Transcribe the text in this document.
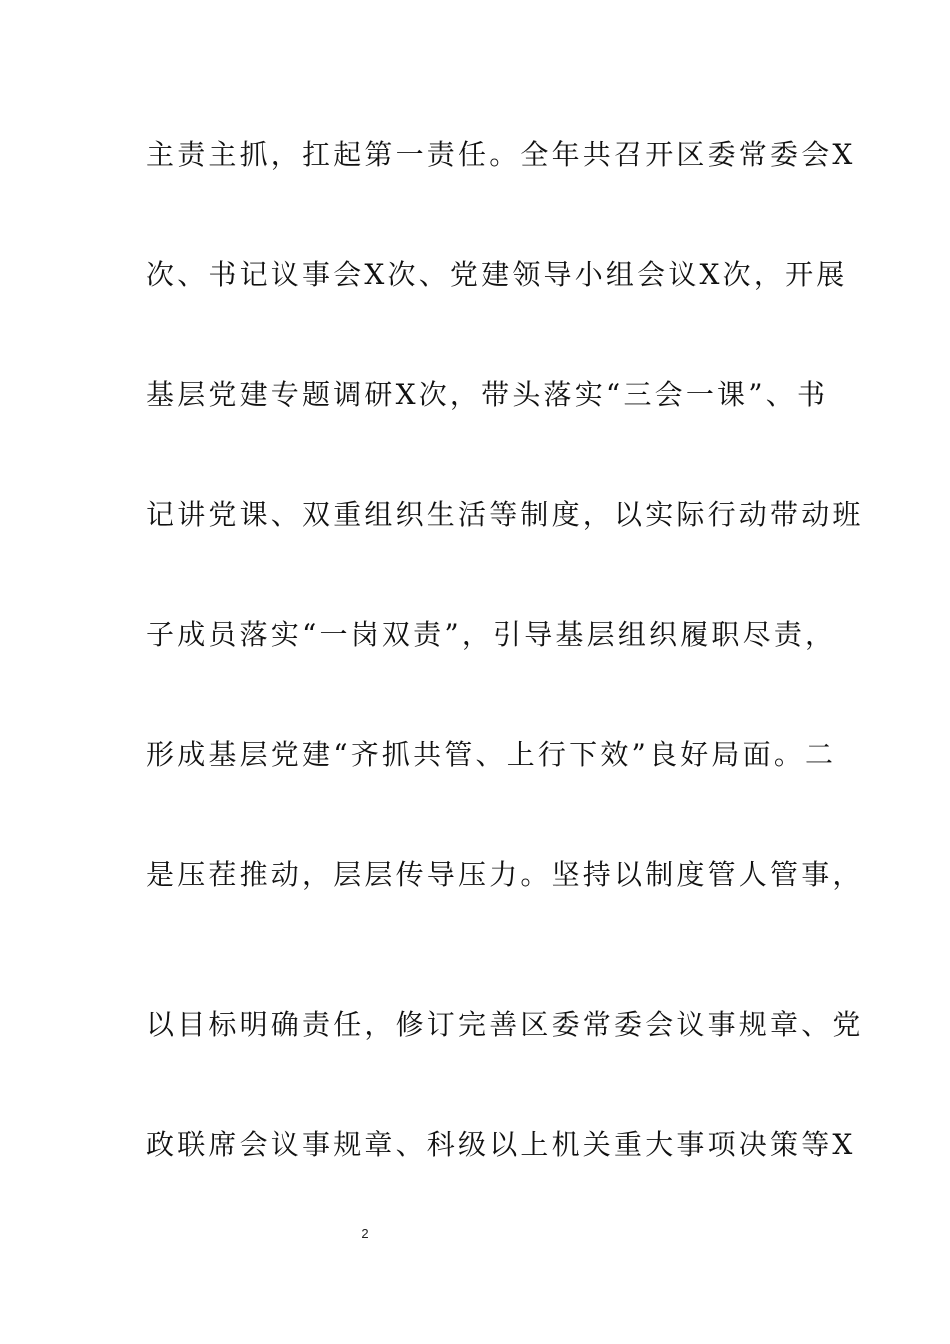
主责主抓，扛起第一责任。全年共召开区委常委会X
次、书记议事会X次、党建领导小组会议X次，开展
基层党建专题调研X次，带头落实“三会一课”、书
记讲党课、双重组织生活等制度，以实际行动带动班
子成员落实“一岗双责”，引导基层组织履职尽责，
形成基层党建“齐抓共管、上行下效”良好局面。二
是压茬推动，层层传导压力。坚持以制度管人管事，
以目标明确责任，修订完善区委常委会议事规章、党
政联席会议事规章、科级以上机关重大事项决策等X
2
